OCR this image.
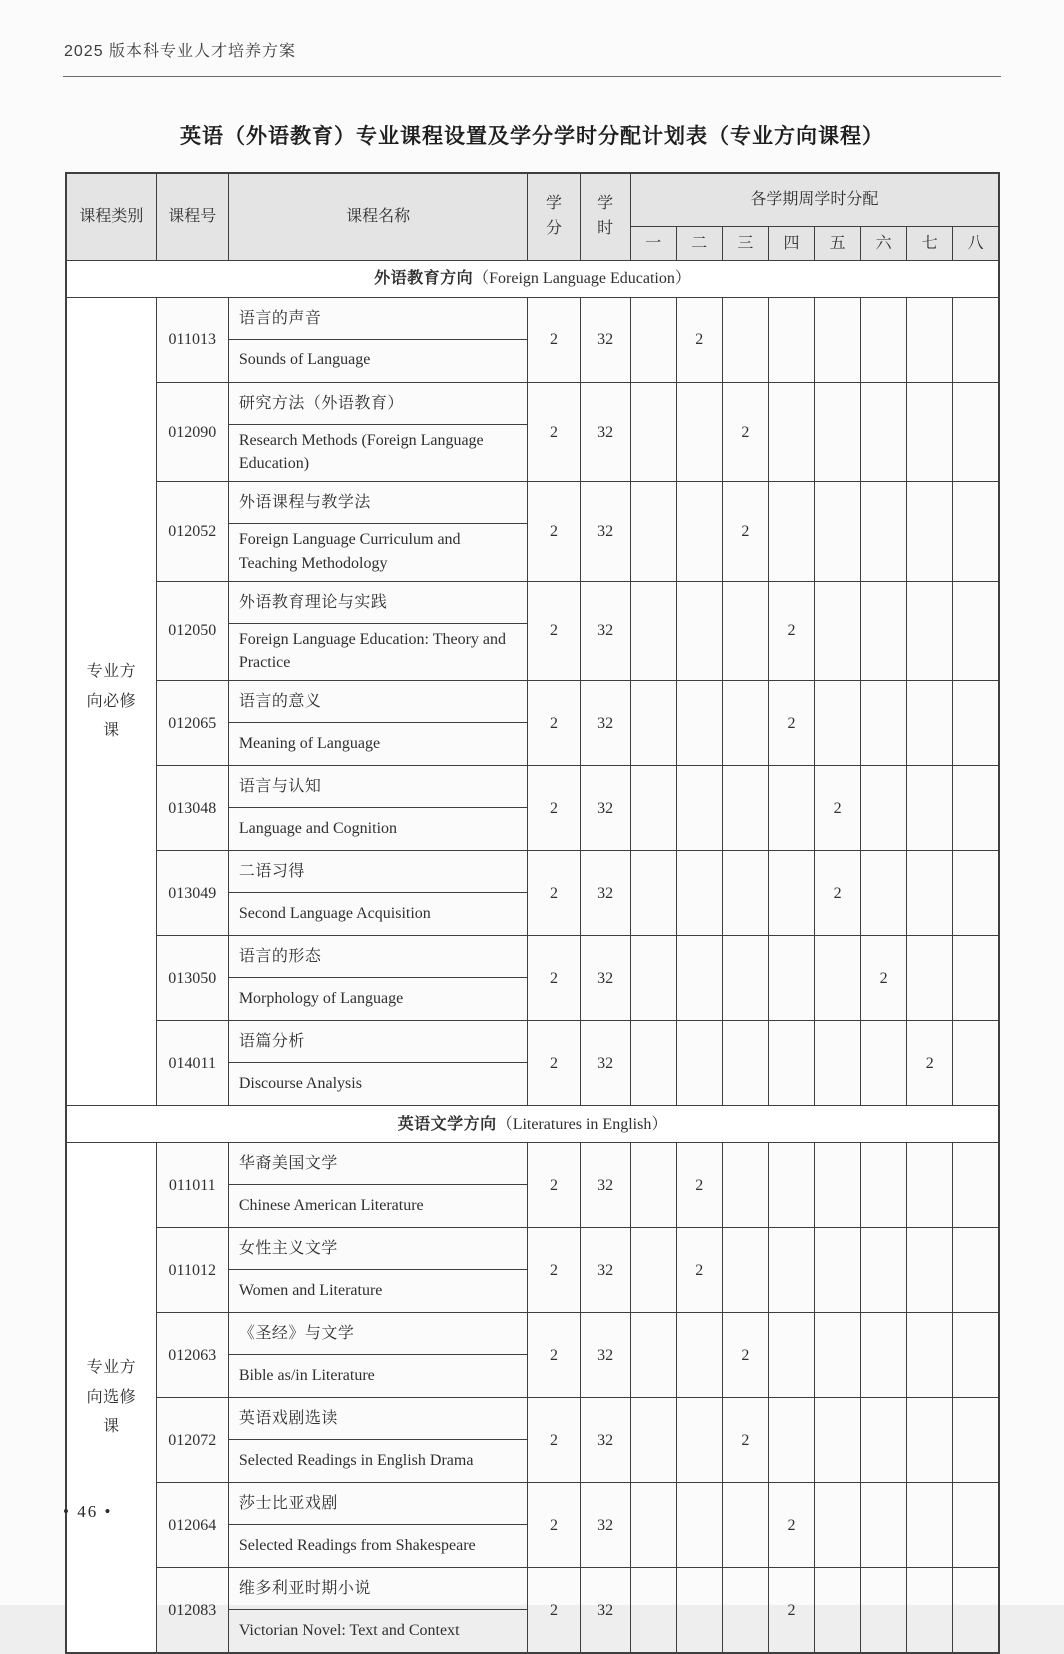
2025 版本科专业人才培养方案
英语（外语教育）专业课程设置及学分学时分配计划表（专业方向课程）
课程类别	课程号	课程名称	学分	学时	各学期周学时分配							
					一	二	三	四	五	六	七	八
外语教育方向（Foreign Language Education）												

专业方向必修课	011013	语言的声音	2	32		2						
		Sounds of Language										
	012090	研究方法（外语教育）	2	32			2					
		Research Methods (Foreign Language Education)										
	012052	外语课程与教学法	2	32			2					
		Foreign Language Curriculum and Teaching Methodology										
	012050	外语教育理论与实践	2	32				2				
		Foreign Language Education: Theory and Practice										
	012065	语言的意义	2	32				2				
		Meaning of Language										
	013048	语言与认知	2	32					2			
		Language and Cognition										
	013049	二语习得	2	32					2			
		Second Language Acquisition										
	013050	语言的形态	2	32						2		
		Morphology of Language										
	014011	语篇分析	2	32							2	
		Discourse Analysis										
英语文学方向（Literatures in English）												

专业方向选修课	011011	华裔美国文学	2	32		2						
		Chinese American Literature										
	011012	女性主义文学	2	32		2						
		Women and Literature										
	012063	《圣经》与文学	2	32			2					
		Bible as/in Literature										
	012072	英语戏剧选读	2	32			2					
		Selected Readings in English Drama										
	012064	莎士比亚戏剧	2	32				2				
		Selected Readings from Shakespeare										
	012083	维多利亚时期小说	2	32				2				
		Victorian Novel: Text and Context										
• 46 •
